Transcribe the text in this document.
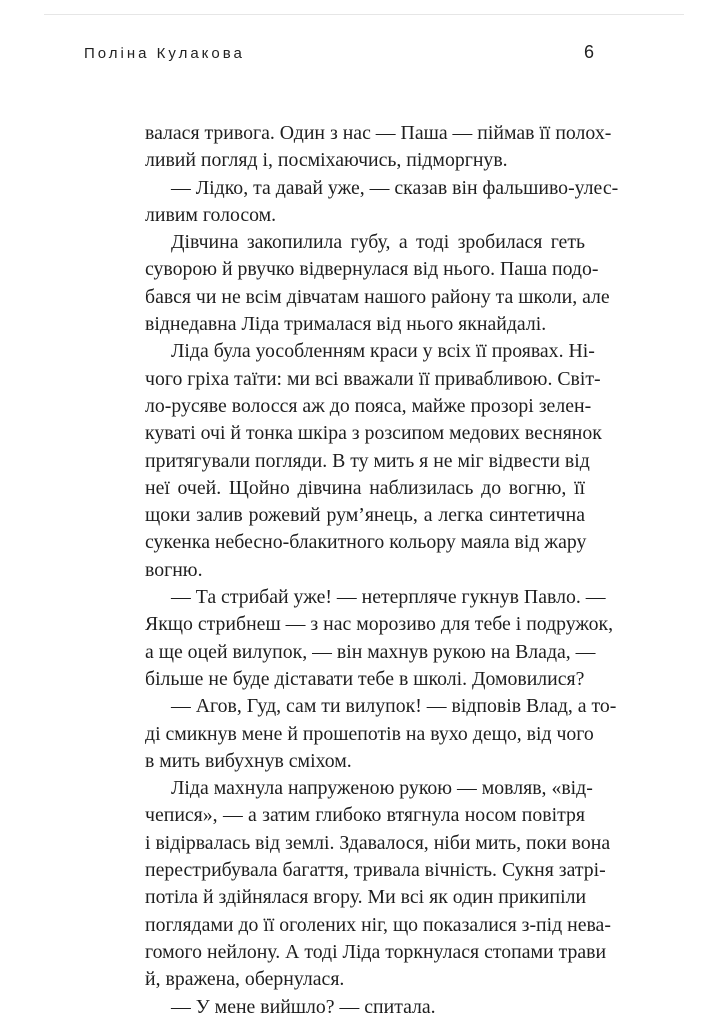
Поліна Кулакова	6
валася тривога. Один з нас — Паша — піймав її полох-
ливий погляд і, посміхаючись, підморгнув.
— Лідко, та давай уже, — сказав він фальшиво-улес-
ливим голосом.
Дівчина закопилила губу, а тоді зробилася геть
суворою й рвучко відвернулася від нього. Паша подо-
бався чи не всім дівчатам нашого району та школи, але
віднедавна Ліда трималася від нього якнайдалі.
Ліда була уособленням краси у всіх її проявах. Ні-
чого гріха таїти: ми всі вважали її привабливою. Світ-
ло-русяве волосся аж до пояса, майже прозорі зелен-
куваті очі й тонка шкіра з розсипом медових веснянок
притягували погляди. В ту мить я не міг відвести від
неї очей. Щойно дівчина наблизилась до вогню, її
щоки залив рожевий рум’янець, а легка синтетична
сукенка небесно-блакитного кольору маяла від жару
вогню.
— Та стрибай уже! — нетерпляче гукнув Павло. —
Якщо стрибнеш — з нас морозиво для тебе і подружок,
а ще оцей вилупок, — він махнув рукою на Влада, —
більше не буде діставати тебе в школі. Домовилися?
— Агов, Гуд, сам ти вилупок! — відповів Влад, а то-
ді смикнув мене й прошепотів на вухо дещо, від чого
в мить вибухнув сміхом.
Ліда махнула напруженою рукою — мовляв, «від-
чепися», — а затим глибоко втягнула носом повітря
і відірвалась від землі. Здавалося, ніби мить, поки вона
перестрибувала багаття, тривала вічність. Сукня затрі-
потіла й здійнялася вгору. Ми всі як один прикипіли
поглядами до її оголених ніг, що показалися з-під нева-
гомого нейлону. А тоді Ліда торкнулася стопами трави
й, вражена, обернулася.
— У мене вийшло? — спитала.
